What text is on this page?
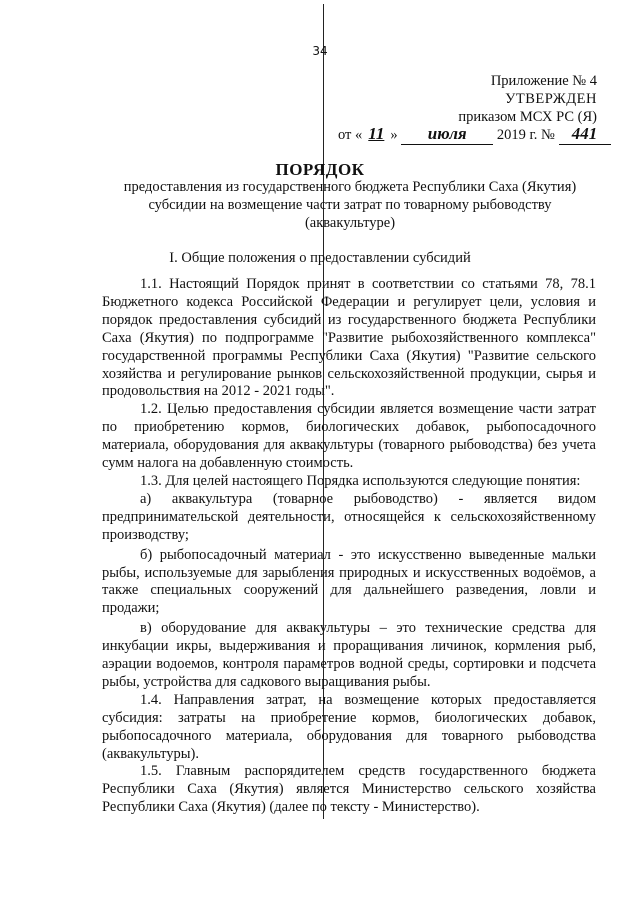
34
Приложение № 4
УТВЕРЖДЕН
приказом МСХ РС (Я)
от « 11 » июля 2019 г. № 441
ПОРЯДОК
предоставления из государственного бюджета Республики Саха (Якутия) субсидии на возмещение части затрат по товарному рыбоводству (аквакультуре)
I. Общие положения о предоставлении субсидий

1.1. Настоящий Порядок принят в соответствии со статьями 78, 78.1 Бюджетного кодекса Российской Федерации и регулирует цели, условия и порядок предоставления субсидий из государственного бюджета Республики Саха (Якутия) по подпрограмме "Развитие рыбохозяйственного комплекса" государственной программы Республики Саха (Якутия) "Развитие сельского хозяйства и регулирование рынков сельскохозяйственной продукции, сырья и продовольствия на 2012 - 2021 годы".

1.2. Целью предоставления субсидии является возмещение части затрат по приобретению кормов, биологических добавок, рыбопосадочного материала, оборудования для аквакультуры (товарного рыбоводства) без учета сумм налога на добавленную стоимость.

1.3. Для целей настоящего Порядка используются следующие понятия:

а) аквакультура (товарное рыбоводство) - является видом предпринимательской деятельности, относящейся к сельскохозяйственному производству;

б) рыбопосадочный материал - это искусственно выведенные мальки рыбы, используемые для зарыбления природных и искусственных водоёмов, а также специальных сооружений для дальнейшего разведения, ловли и продажи;

в) оборудование для аквакультуры – это технические средства для инкубации икры, выдерживания и проращивания личинок, кормления рыб, аэрации водоемов, контроля параметров водной среды, сортировки и подсчета рыбы, устройства для садкового выращивания рыбы.

1.4. Направления затрат, на возмещение которых предоставляется субсидия: затраты на приобретение кормов, биологических добавок, рыбопосадочного материала, оборудования для товарного рыбоводства (аквакультуры).

1.5. Главным распорядителем средств государственного бюджета Республики Саха (Якутия) является Министерство сельского хозяйства Республики Саха (Якутия) (далее по тексту - Министерство).
